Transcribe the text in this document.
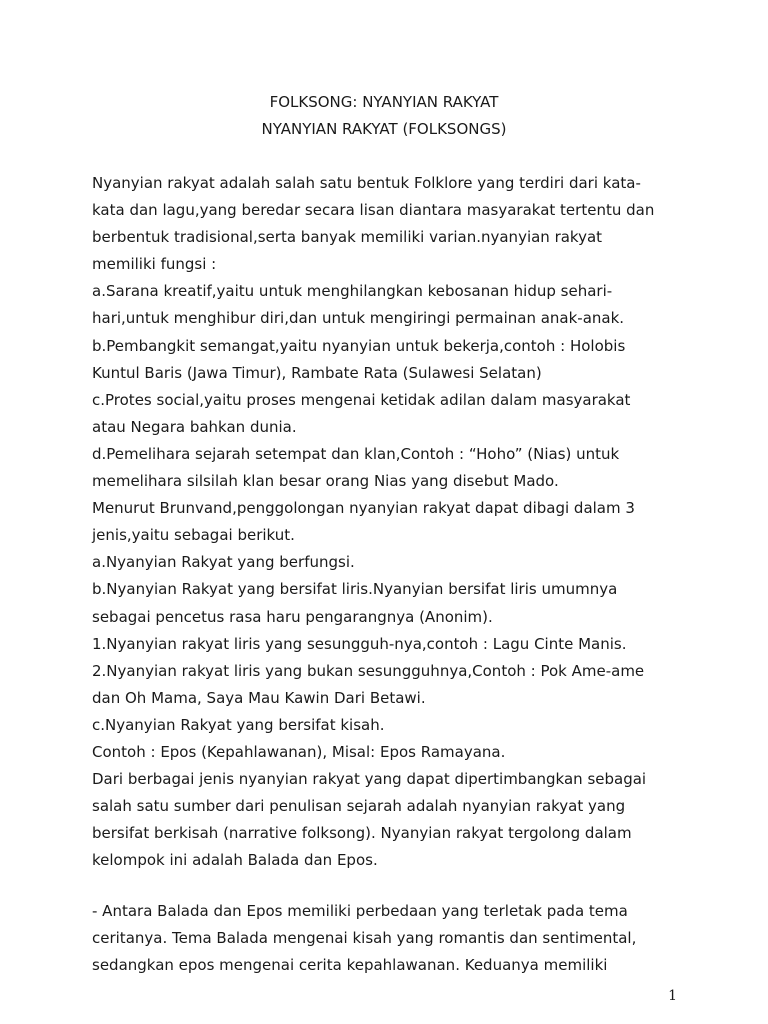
FOLKSONG: NYANYIAN RAKYAT
NYANYIAN RAKYAT (FOLKSONGS)
Nyanyian rakyat adalah salah satu bentuk Folklore yang terdiri dari kata-
kata dan lagu,yang beredar secara lisan diantara masyarakat tertentu dan
berbentuk tradisional,serta banyak memiliki varian.nyanyian rakyat
memiliki fungsi :
a.Sarana kreatif,yaitu untuk menghilangkan kebosanan hidup sehari-
hari,untuk menghibur diri,dan untuk mengiringi permainan anak-anak.
b.Pembangkit semangat,yaitu nyanyian untuk bekerja,contoh : Holobis
Kuntul Baris (Jawa Timur), Rambate Rata (Sulawesi Selatan)
c.Protes social,yaitu proses mengenai ketidak adilan dalam masyarakat
atau Negara bahkan dunia.
d.Pemelihara sejarah setempat dan klan,Contoh : “Hoho” (Nias) untuk
memelihara silsilah klan besar orang Nias yang disebut Mado.
Menurut Brunvand,penggolongan nyanyian rakyat dapat dibagi dalam 3
jenis,yaitu sebagai berikut.
a.Nyanyian Rakyat yang berfungsi.
b.Nyanyian Rakyat yang bersifat liris.Nyanyian bersifat liris umumnya
sebagai pencetus rasa haru pengarangnya (Anonim).
1.Nyanyian rakyat liris yang sesungguh-nya,contoh : Lagu Cinte Manis.
2.Nyanyian rakyat liris yang bukan sesungguhnya,Contoh : Pok Ame-ame
dan Oh Mama, Saya Mau Kawin Dari Betawi.
c.Nyanyian Rakyat yang bersifat kisah.
Contoh : Epos (Kepahlawanan), Misal: Epos Ramayana.
Dari berbagai jenis nyanyian rakyat yang dapat dipertimbangkan sebagai
salah satu sumber dari penulisan sejarah adalah nyanyian rakyat yang
bersifat berkisah (narrative folksong). Nyanyian rakyat tergolong dalam
kelompok ini adalah Balada dan Epos.
- Antara Balada dan Epos memiliki perbedaan yang terletak pada tema
ceritanya. Tema Balada mengenai kisah yang romantis dan sentimental,
sedangkan epos mengenai cerita kepahlawanan. Keduanya memiliki
1
